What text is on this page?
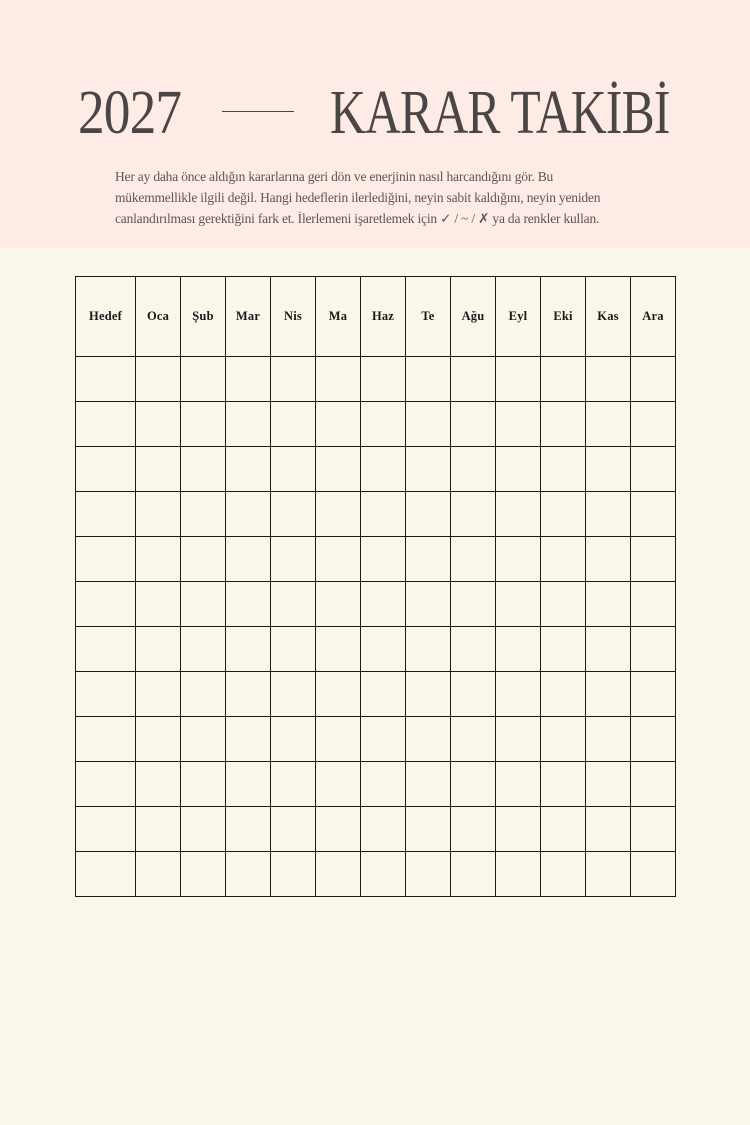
2027 KARAR TAKİBİ

Her ay daha önce aldığın kararlarına geri dön ve enerjinin nasıl harcandığını gör. Bu

mükemmellikle ilgili değil. Hangi hedeflerin ilerlediğini, neyin sabit kaldığını, neyin yeniden

canlandırılması gerektiğini fark et. İlerlemeni işaretlemek için ✓ / ~ / ✗ ya da renkler kullan.

Hedef	Oca	Şub	Mar	Nis	Ma	Haz	Te	Ağu	Eyl	Eki	Kas	Ara
